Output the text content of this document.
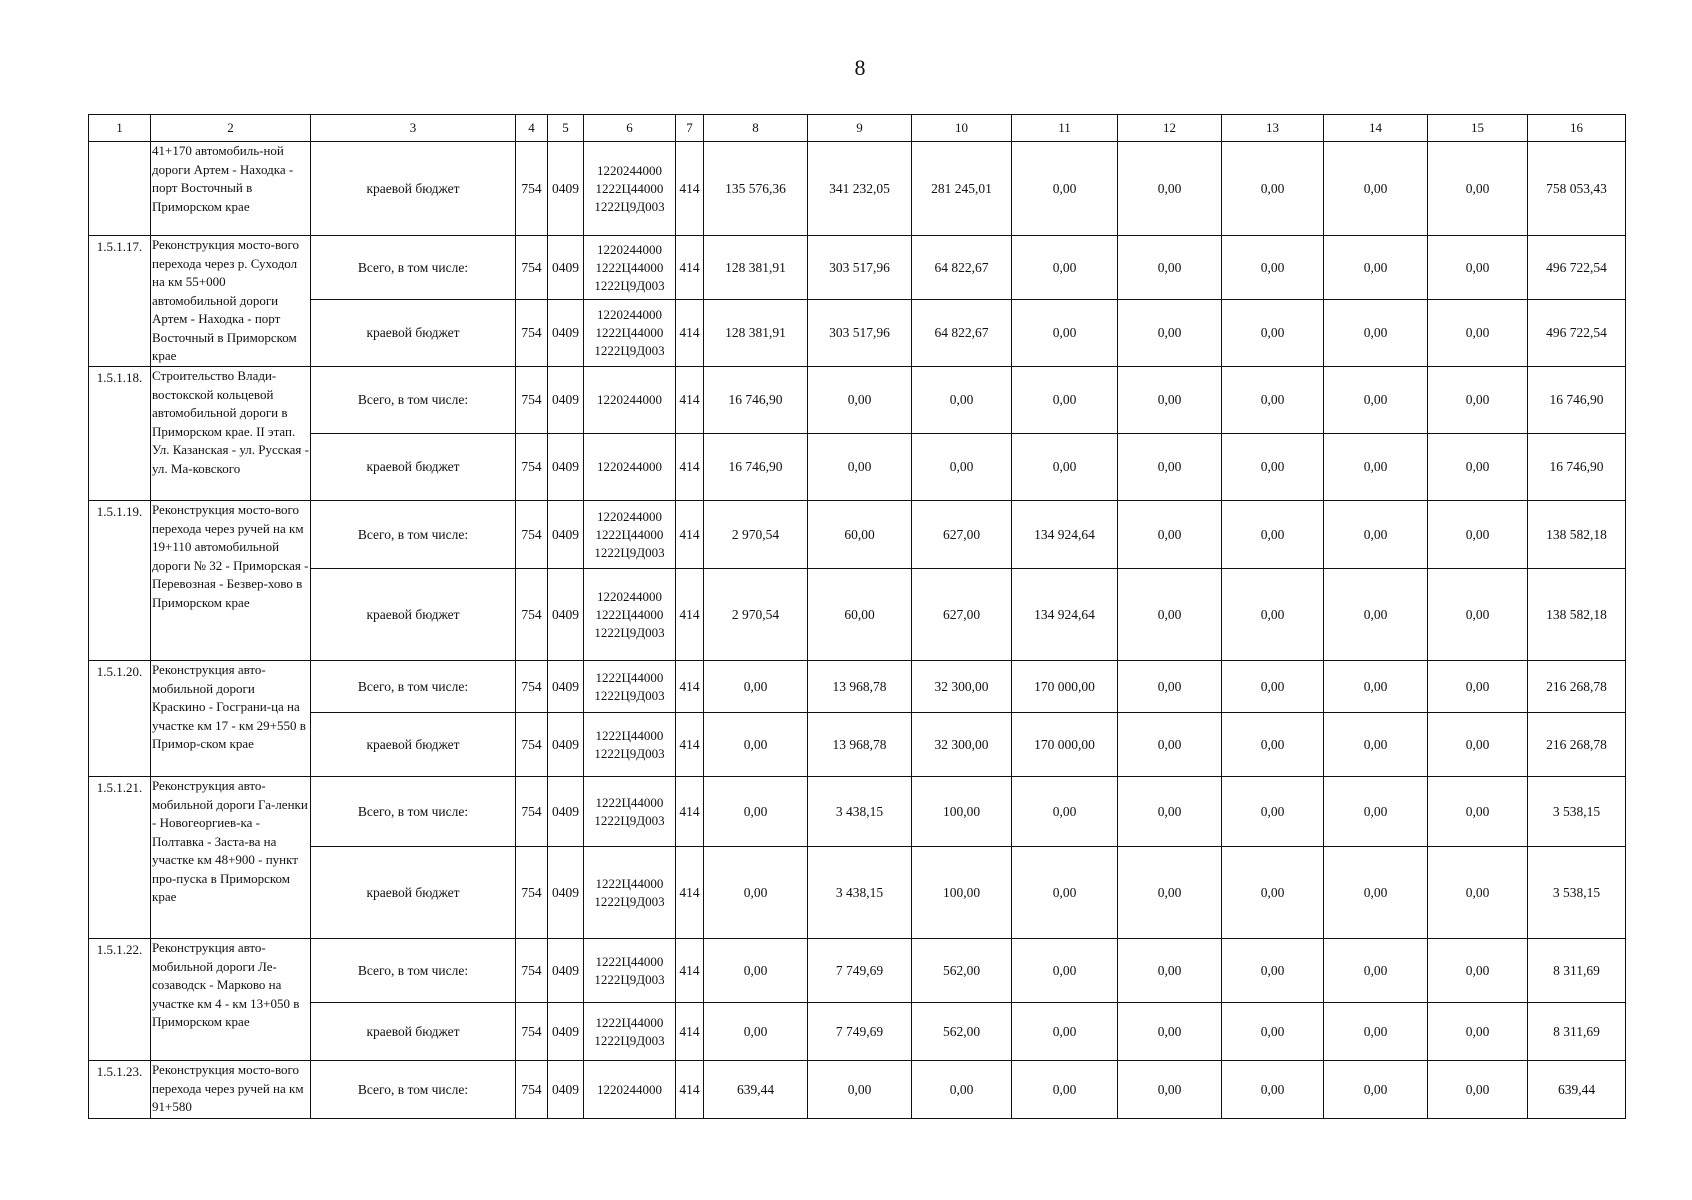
8
1	2	3	4	5	6	7	8	9	10	11	12	13	14	15	16
	41+170 автомобиль-ной дороги Артем - Находка - порт Восточный в Приморском крае	краевой бюджет	754	0409	1220244000
1222Ц44000
1222Ц9Д003	414	135 576,36	341 232,05	281 245,01	0,00	0,00	0,00	0,00	0,00	758 053,43
1.5.1.17.	Реконструкция мосто-вого перехода через р. Суходол на км 55+000 автомобильной дороги Артем - Находка - порт Восточный в Приморском крае	Всего, в том числе:	754	0409	1220244000
1222Ц44000
1222Ц9Д003	414	128 381,91	303 517,96	64 822,67	0,00	0,00	0,00	0,00	0,00	496 722,54
		краевой бюджет	754	0409	1220244000
1222Ц44000
1222Ц9Д003	414	128 381,91	303 517,96	64 822,67	0,00	0,00	0,00	0,00	0,00	496 722,54
1.5.1.18.	Строительство Влади-востокской кольцевой автомобильной дороги в Приморском крае. II этап. Ул. Казанская - ул. Русская - ул. Ма-ковского	Всего, в том числе:	754	0409	1220244000	414	16 746,90	0,00	0,00	0,00	0,00	0,00	0,00	0,00	16 746,90
		краевой бюджет	754	0409	1220244000	414	16 746,90	0,00	0,00	0,00	0,00	0,00	0,00	0,00	16 746,90
1.5.1.19.	Реконструкция мосто-вого перехода через ручей на км 19+110 автомобильной дороги № 32 - Приморская - Перевозная - Безвер-хово в Приморском крае	Всего, в том числе:	754	0409	1220244000
1222Ц44000
1222Ц9Д003	414	2 970,54	60,00	627,00	134 924,64	0,00	0,00	0,00	0,00	138 582,18
		краевой бюджет	754	0409	1220244000
1222Ц44000
1222Ц9Д003	414	2 970,54	60,00	627,00	134 924,64	0,00	0,00	0,00	0,00	138 582,18
1.5.1.20.	Реконструкция авто-мобильной дороги Краскино - Госграни-ца на участке км 17 - км 29+550 в Примор-ском крае	Всего, в том числе:	754	0409	1222Ц44000
1222Ц9Д003	414	0,00	13 968,78	32 300,00	170 000,00	0,00	0,00	0,00	0,00	216 268,78
		краевой бюджет	754	0409	1222Ц44000
1222Ц9Д003	414	0,00	13 968,78	32 300,00	170 000,00	0,00	0,00	0,00	0,00	216 268,78
1.5.1.21.	Реконструкция авто-мобильной дороги Га-ленки - Новогеоргиев-ка - Полтавка - Заста-ва на участке км 48+900 - пункт про-пуска в Приморском крае	Всего, в том числе:	754	0409	1222Ц44000
1222Ц9Д003	414	0,00	3 438,15	100,00	0,00	0,00	0,00	0,00	0,00	3 538,15
		краевой бюджет	754	0409	1222Ц44000
1222Ц9Д003	414	0,00	3 438,15	100,00	0,00	0,00	0,00	0,00	0,00	3 538,15
1.5.1.22.	Реконструкция авто-мобильной дороги Ле-созаводск - Марково на участке км 4 - км 13+050 в Приморском крае	Всего, в том числе:	754	0409	1222Ц44000
1222Ц9Д003	414	0,00	7 749,69	562,00	0,00	0,00	0,00	0,00	0,00	8 311,69
		краевой бюджет	754	0409	1222Ц44000
1222Ц9Д003	414	0,00	7 749,69	562,00	0,00	0,00	0,00	0,00	0,00	8 311,69
1.5.1.23.	Реконструкция мосто-вого перехода через ручей на км 91+580	Всего, в том числе:	754	0409	1220244000	414	639,44	0,00	0,00	0,00	0,00	0,00	0,00	0,00	639,44
